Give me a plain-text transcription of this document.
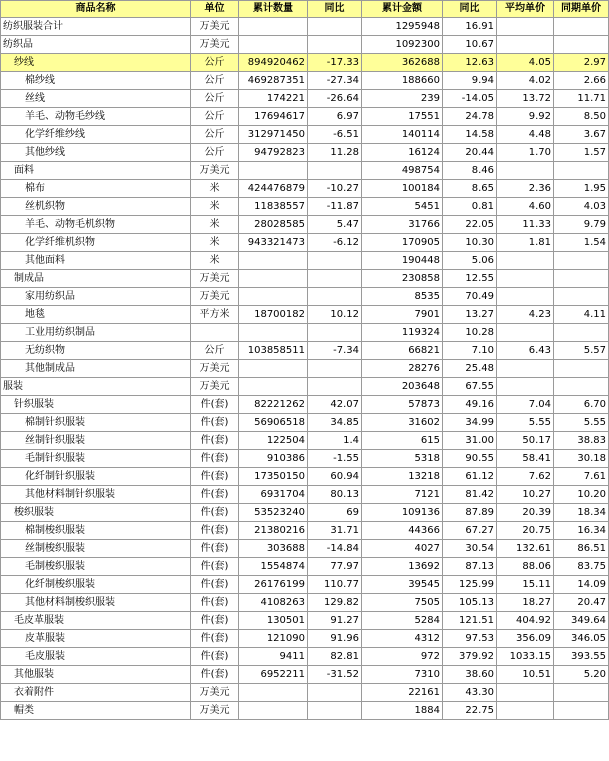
商品名称	单位	累计数量	同比	累计金额	同比	平均单价	同期单价
纺织服装合计	万美元			1295948	16.91		
纺织品	万美元			1092300	10.67		
纱线	公斤	894920462	-17.33	362688	12.63	4.05	2.97
棉纱线	公斤	469287351	-27.34	188660	9.94	4.02	2.66
丝线	公斤	174221	-26.64	239	-14.05	13.72	11.71
羊毛、动物毛纱线	公斤	17694617	6.97	17551	24.78	9.92	8.50
化学纤维纱线	公斤	312971450	-6.51	140114	14.58	4.48	3.67
其他纱线	公斤	94792823	11.28	16124	20.44	1.70	1.57
面料	万美元			498754	8.46		
棉布	米	424476879	-10.27	100184	8.65	2.36	1.95
丝机织物	米	11838557	-11.87	5451	0.81	4.60	4.03
羊毛、动物毛机织物	米	28028585	5.47	31766	22.05	11.33	9.79
化学纤维机织物	米	943321473	-6.12	170905	10.30	1.81	1.54
其他面料	米			190448	5.06		
制成品	万美元			230858	12.55		
家用纺织品	万美元			8535	70.49		
地毯	平方米	18700182	10.12	7901	13.27	4.23	4.11
工业用纺织制品				119324	10.28		
无纺织物	公斤	103858511	-7.34	66821	7.10	6.43	5.57
其他制成品	万美元			28276	25.48		
服装	万美元			203648	67.55		
针织服装	件(套)	82221262	42.07	57873	49.16	7.04	6.70
棉制针织服装	件(套)	56906518	34.85	31602	34.99	5.55	5.55
丝制针织服装	件(套)	122504	1.4	615	31.00	50.17	38.83
毛制针织服装	件(套)	910386	-1.55	5318	90.55	58.41	30.18
化纤制针织服装	件(套)	17350150	60.94	13218	61.12	7.62	7.61
其他材料制针织服装	件(套)	6931704	80.13	7121	81.42	10.27	10.20
梭织服装	件(套)	53523240	69	109136	87.89	20.39	18.34
棉制梭织服装	件(套)	21380216	31.71	44366	67.27	20.75	16.34
丝制梭织服装	件(套)	303688	-14.84	4027	30.54	132.61	86.51
毛制梭织服装	件(套)	1554874	77.97	13692	87.13	88.06	83.75
化纤制梭织服装	件(套)	26176199	110.77	39545	125.99	15.11	14.09
其他材料制梭织服装	件(套)	4108263	129.82	7505	105.13	18.27	20.47
毛皮革服装	件(套)	130501	91.27	5284	121.51	404.92	349.64
皮革服装	件(套)	121090	91.96	4312	97.53	356.09	346.05
毛皮服装	件(套)	9411	82.81	972	379.92	1033.15	393.55
其他服装	件(套)	6952211	-31.52	7310	38.60	10.51	5.20
衣着附件	万美元			22161	43.30		
帽类	万美元			1884	22.75		
